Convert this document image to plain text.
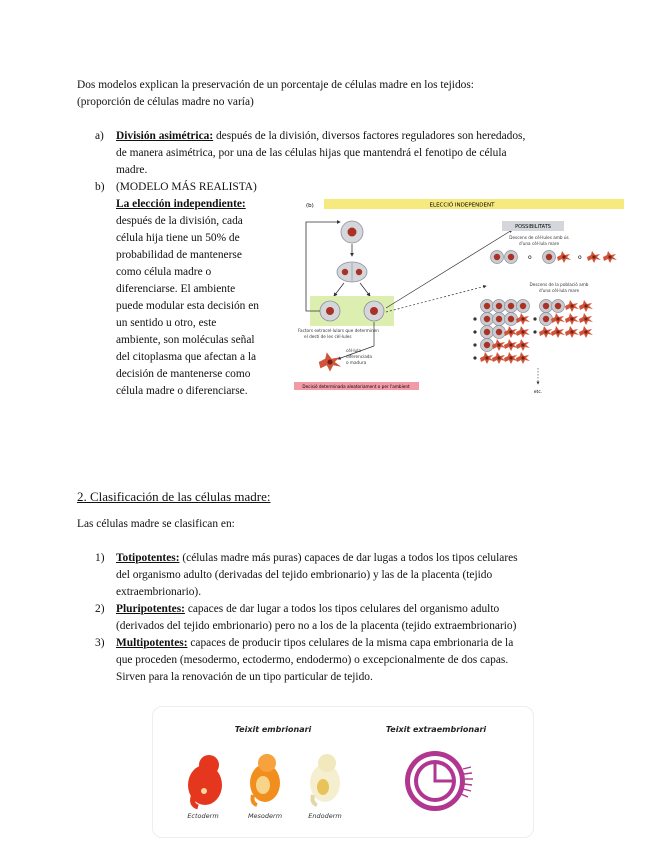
Dos modelos explican la preservación de un porcentaje de células madre en los tejidos:
(proporción de células madre no varía)
a) División asimétrica: después de la división, diversos factores reguladores son heredados,
de manera asimétrica, por una de las células hijas que mantendrá el fenotipo de célula
madre.
b) (MODELO MÁS REALISTA)
La elección independiente:
después de la división, cada
célula hija tiene un 50% de
probabilidad de mantenerse
como célula madre o
diferenciarse. El ambiente
puede modular esta decisión en
un sentido u otro, este
ambiente, son moléculas señal
del citoplasma que afectan a la
decisión de mantenerse como
célula madre o diferenciarse.
(b)	ELECCIÓ INDEPENDENT
Factors extracel·lulars que determinen
el destí de les cèl·lules
cèl·lula
diferenciada
o madura
Decisió determinada aleatoriament o per l'ambient
POSSIBILITATS
Descens de cèl·lules amb ús
d'una cèl·lula mare
o	o
Descens de la població amb
d'una cèl·lula mare
etc.
2. Clasificación de las células madre:
Las células madre se clasifican en:
1) Totipotentes: (células madre más puras) capaces de dar lugas a todos los tipos celulares
del organismo adulto (derivadas del tejido embrionario) y las de la placenta (tejido
extraembrionario).
2) Pluripotentes: capaces de dar lugar a todos los tipos celulares del organismo adulto
(derivados del tejido embrionario) pero no a los de la placenta (tejido extraembrionario)
3) Multipotentes: capaces de producir tipos celulares de la misma capa embrionaria de la
que proceden (mesodermo, ectodermo, endodermo) o excepcionalmente de dos capas.
Sirven para la renovación de un tipo particular de tejido.
Teixit embrionari	Teixit extraembrionari
Ectoderm	Mesoderm	Endoderm
